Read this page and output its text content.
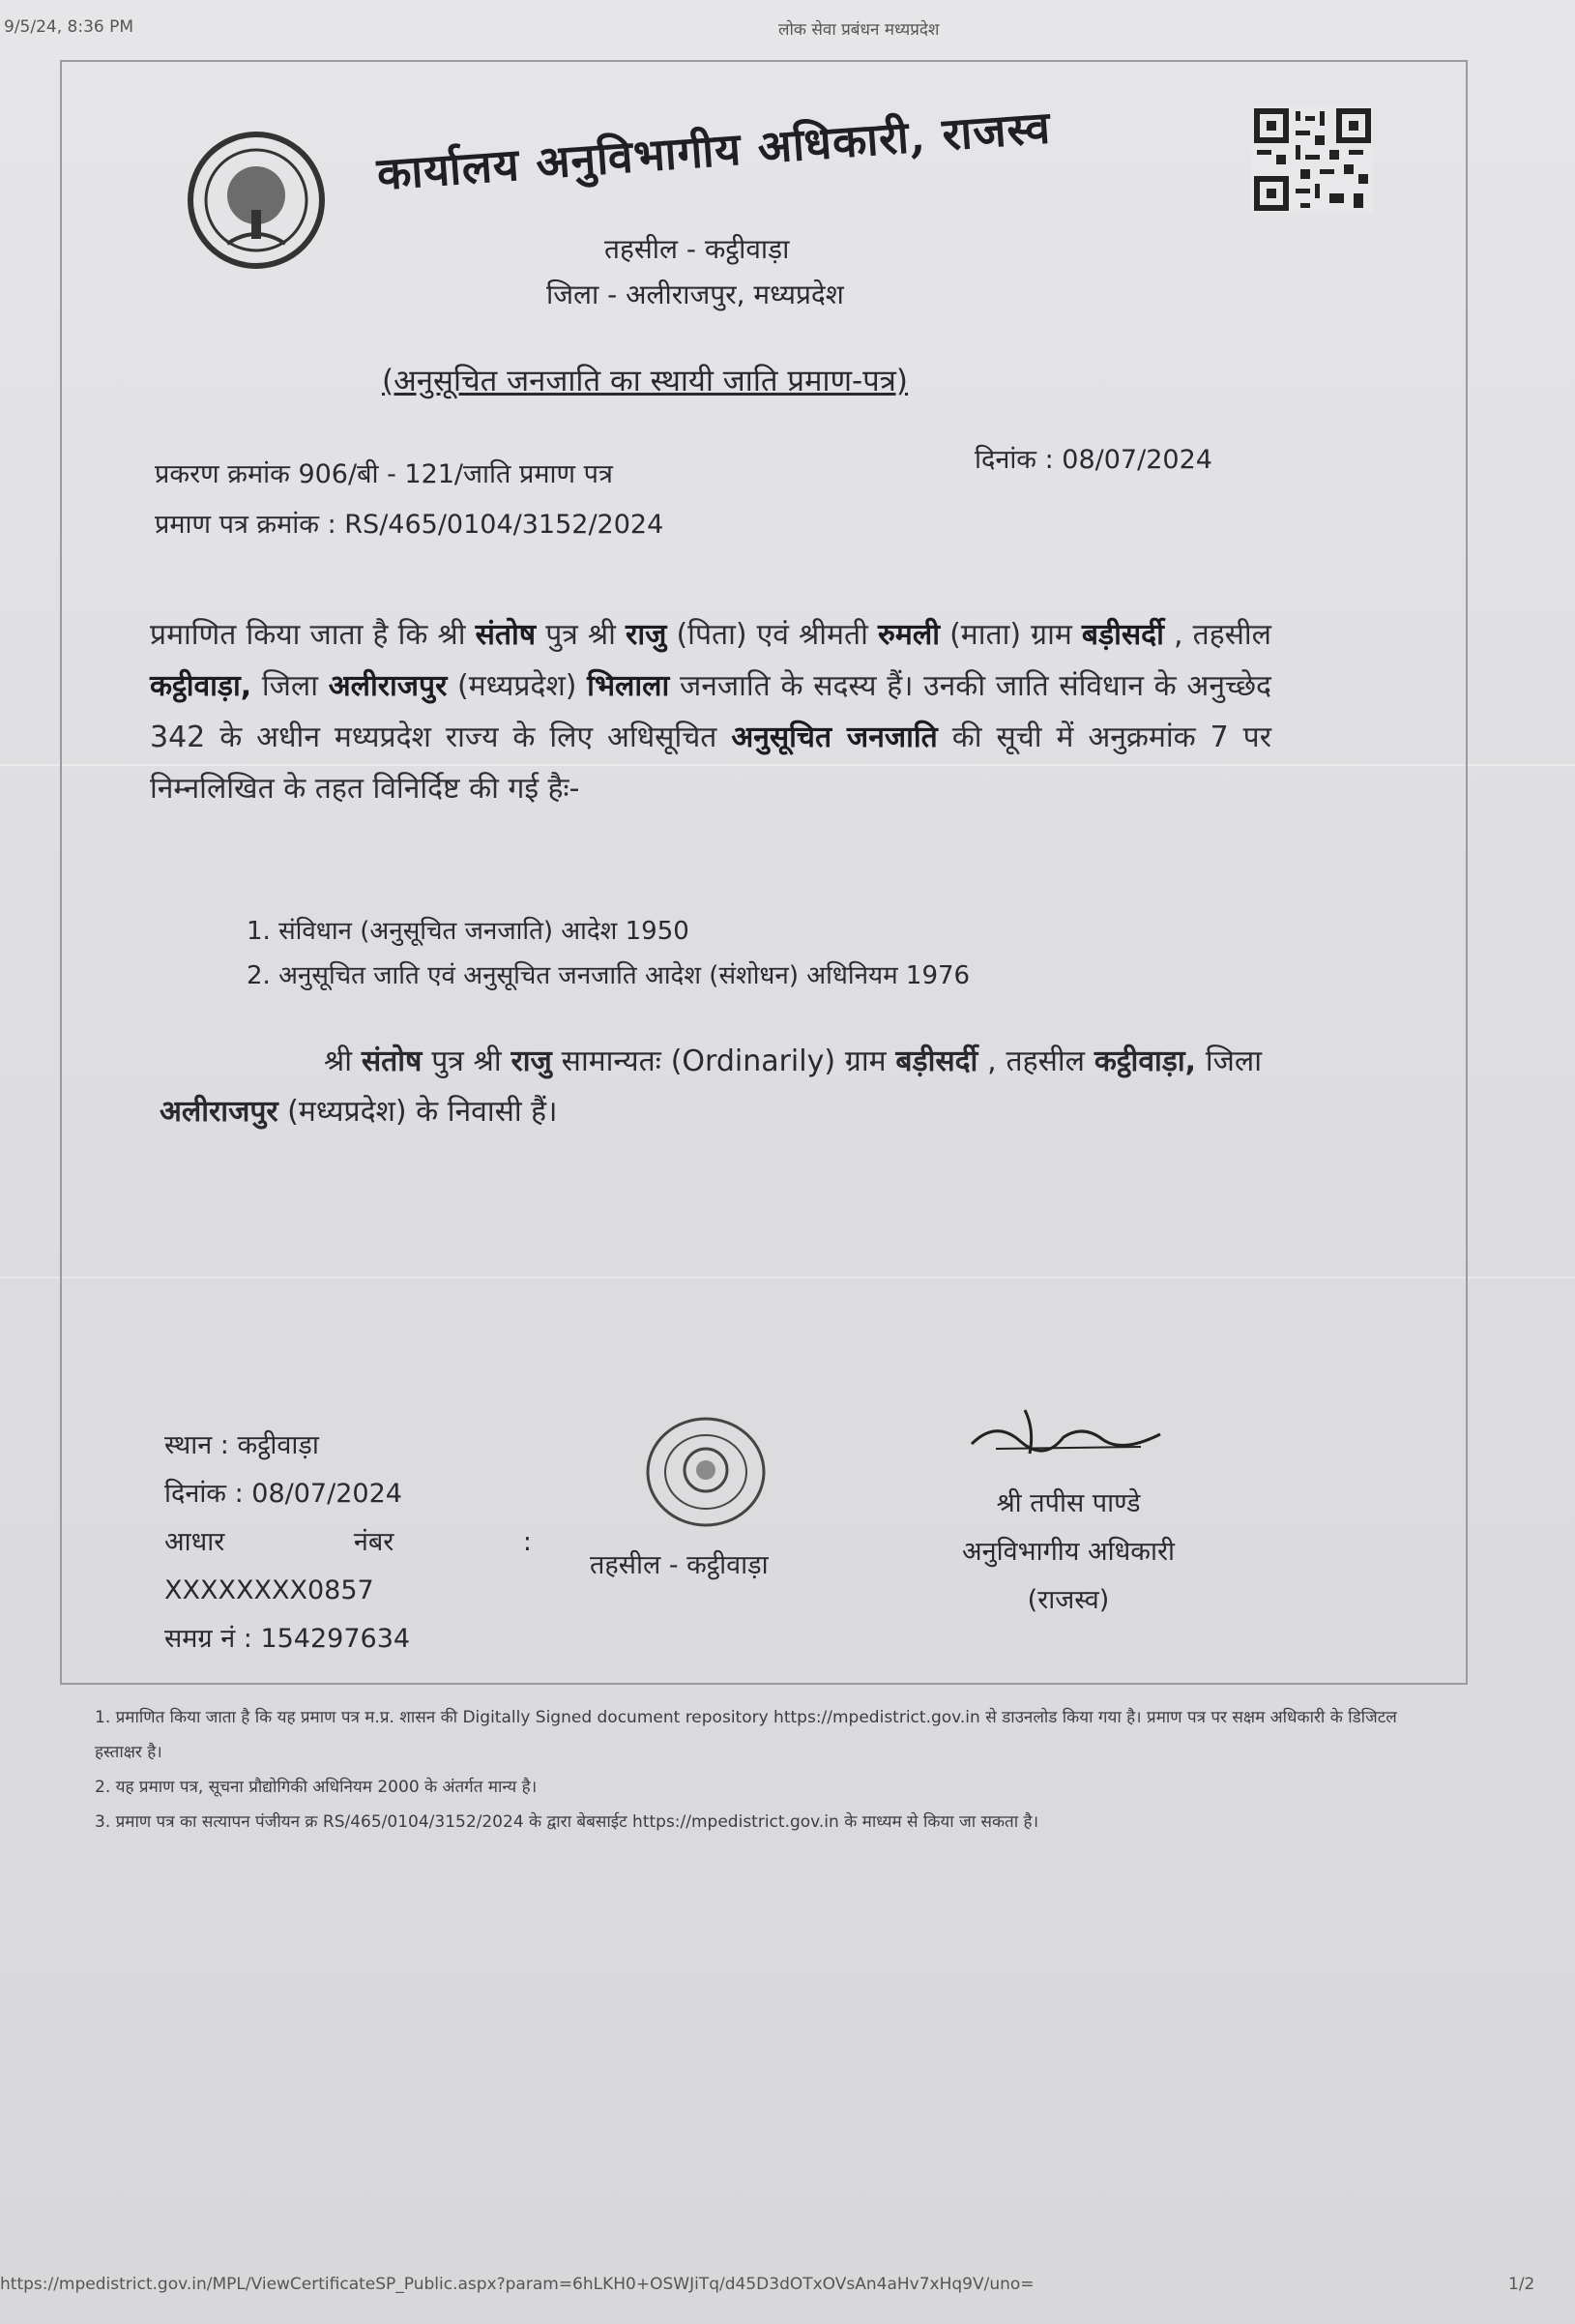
9/5/24, 8:36 PM	लोक सेवा प्रबंधन मध्यप्रदेश
कार्यालय अनुविभागीय अधिकारी, राजस्व
तहसील - कट्ठीवाड़ा
जिला - अलीराजपुर, मध्यप्रदेश
(अनुसूचित जनजाति का स्थायी जाति प्रमाण-पत्र)
प्रकरण क्रमांक 906/बी - 121/जाति प्रमाण पत्र	दिनांक : 08/07/2024
प्रमाण पत्र क्रमांक : RS/465/0104/3152/2024

प्रमाणित किया जाता है कि श्री संतोष पुत्र श्री राजु (पिता) एवं श्रीमती रुमली (माता) ग्राम बड़ीसर्दी , तहसील कट्ठीवाड़ा, जिला अलीराजपुर (मध्यप्रदेश) भिलाला जनजाति के सदस्य हैं। उनकी जाति संविधान के अनुच्छेद 342 के अधीन मध्यप्रदेश राज्य के लिए अधिसूचित अनुसूचित जनजाति की सूची में अनुक्रमांक 7 पर निम्नलिखित के तहत विनिर्दिष्ट की गई हैः-

1. संविधान (अनुसूचित जनजाति) आदेश 1950
2. अनुसूचित जाति एवं अनुसूचित जनजाति आदेश (संशोधन) अधिनियम 1976

श्री संतोष पुत्र श्री राजु सामान्यतः (Ordinarily) ग्राम बड़ीसर्दी , तहसील कट्ठीवाड़ा, जिला अलीराजपुर (मध्यप्रदेश) के निवासी हैं।

स्थान : कट्ठीवाड़ा
दिनांक : 08/07/2024
आधार	नंबर	:
XXXXXXXX0857
समग्र नं : 154297634
तहसील - कट्ठीवाड़ा
श्री तपीस पाण्डे
अनुविभागीय अधिकारी
(राजस्व)
1. प्रमाणित किया जाता है कि यह प्रमाण पत्र म.प्र. शासन की Digitally Signed document repository https://mpedistrict.gov.in से डाउनलोड किया गया है। प्रमाण पत्र पर सक्षम अधिकारी के डिजिटल हस्ताक्षर है।
2. यह प्रमाण पत्र, सूचना प्रौद्योगिकी अधिनियम 2000 के अंतर्गत मान्य है।
3. प्रमाण पत्र का सत्यापन पंजीयन क्र RS/465/0104/3152/2024 के द्वारा बेबसाईट https://mpedistrict.gov.in के माध्यम से किया जा सकता है।
https://mpedistrict.gov.in/MPL/ViewCertificateSP_Public.aspx?param=6hLKH0+OSWJiTq/d45D3dOTxOVsAn4aHv7xHq9V/uno=	1/2
